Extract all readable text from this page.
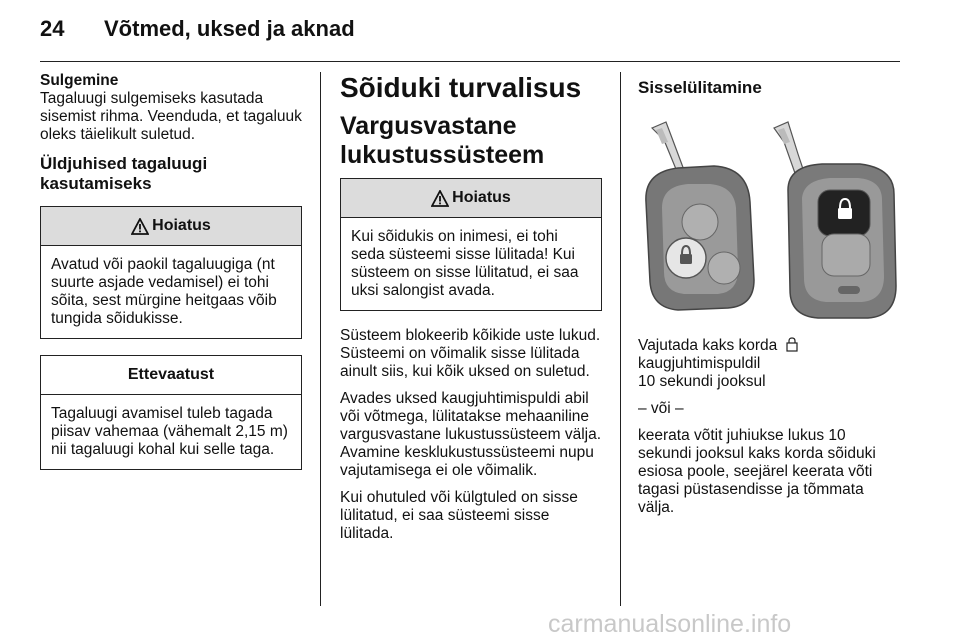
24 Võtmed, uksed ja aknad
Sulgemine

Tagaluugi sulgemiseks kasutada sisemist rihma. Veenduda, et tagaluuk oleks täielikult suletud.

Üldjuhised tagaluugi kasutamiseks
Hoiatus
Avatud või paokil tagaluugiga (nt suurte asjade vedamisel) ei tohi sõita, sest mürgine heitgaas võib tungida sõidukisse.
Ettevaatust
Tagaluugi avamisel tuleb tagada piisav vahemaa (vähemalt 2,15 m) nii tagaluugi kohal kui selle taga.
Sõiduki turvalisus
Vargusvastane lukustussüsteem
Hoiatus
Kui sõidukis on inimesi, ei tohi seda süsteemi sisse lülitada! Kui süsteem on sisse lülitatud, ei saa uksi salongist avada.

Süsteem blokeerib kõikide uste lukud. Süsteemi on võimalik sisse lülitada ainult siis, kui kõik uksed on suletud.

Avades uksed kaugjuhtimispuldi abil või võtmega, lülitatakse mehaaniline vargusvastane lukustussüsteem välja. Avamine kesklukustussüsteemi nupu vajutamisega ei ole võimalik.

Kui ohutuled või külgtuled on sisse lülitatud, ei saa süsteemi sisse lülitada.

Sisselülitamine
Vajutada kaks korda
kaugjuhtimispuldil
10 sekundi jooksul
– või –
keerata võtit juhiukse lukus 10 sekundi jooksul kaks korda sõiduki esiosa poole, seejärel keerata võti tagasi püstasendisse ja tõmmata välja.
carmanualsonline.info
